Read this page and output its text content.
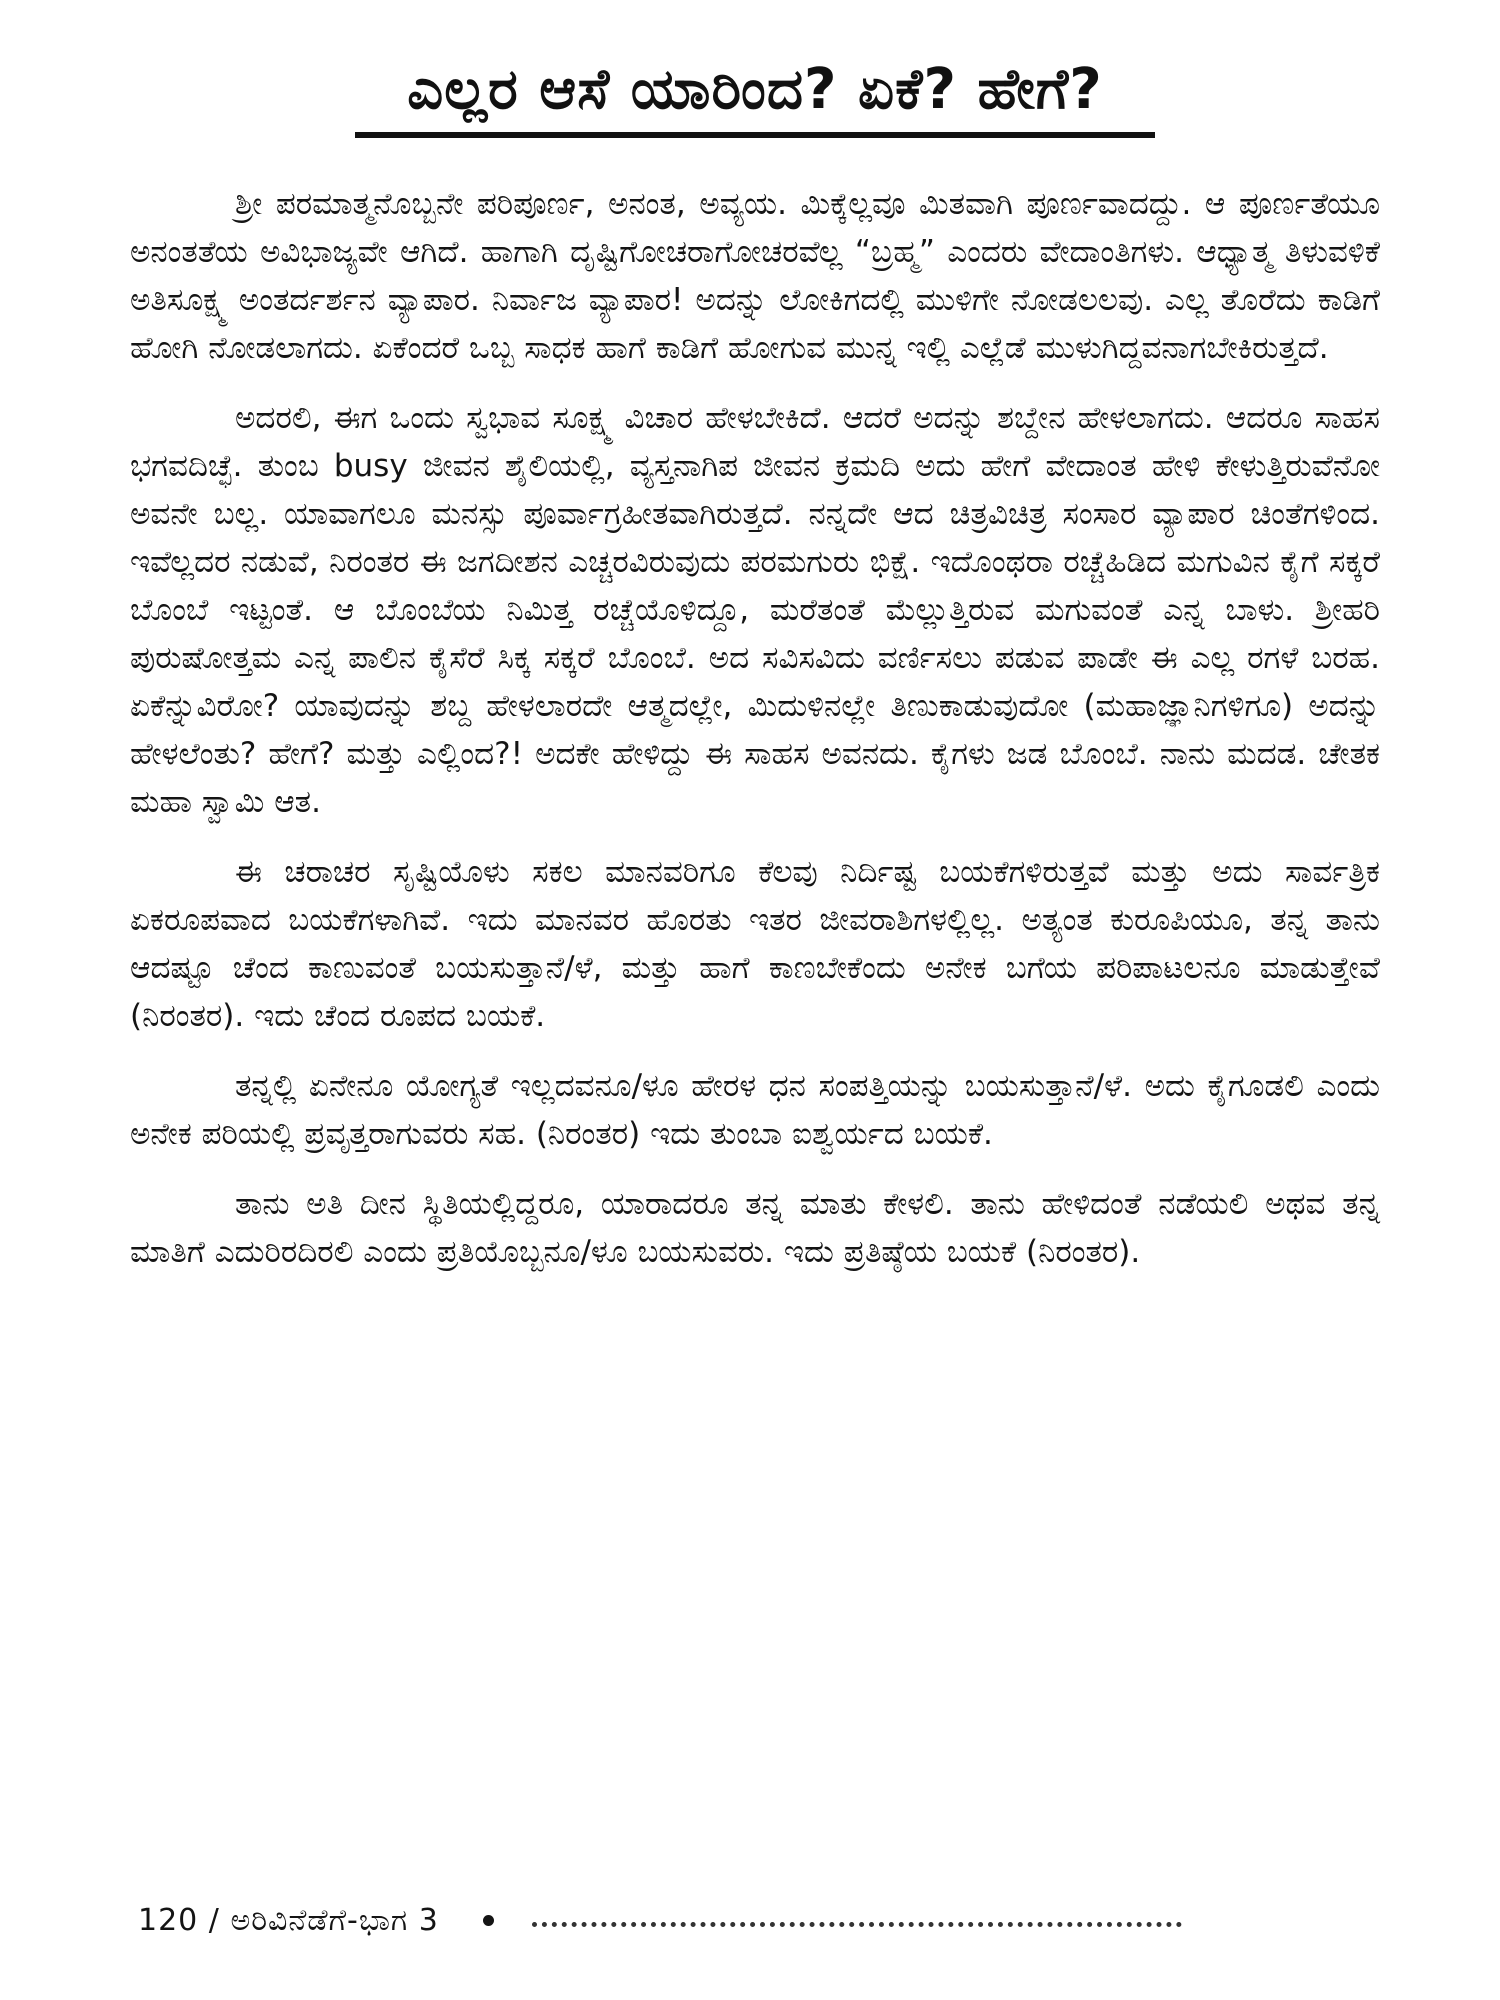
ಎಲ್ಲರ ಆಸೆ ಯಾರಿಂದ? ಏಕೆ? ಹೇಗೆ?

ಶ್ರೀ ಪರಮಾತ್ಮನೊಬ್ಬನೇ ಪರಿಪೂರ್ಣ, ಅನಂತ, ಅವ್ಯಯ. ಮಿಕ್ಕೆಲ್ಲವೂ ಮಿತವಾಗಿ ಪೂರ್ಣವಾದದ್ದು. ಆ ಪೂರ್ಣತೆಯೂ ಅನಂತತೆಯ ಅವಿಭಾಜ್ಯವೇ ಆಗಿದೆ. ಹಾಗಾಗಿ ದೃಷ್ಟಿಗೋಚರಾಗೋಚರವೆಲ್ಲ “ಬ್ರಹ್ಮ” ಎಂದರು ವೇದಾಂತಿಗಳು. ಆಧ್ಯಾತ್ಮ ತಿಳುವಳಿಕೆ ಅತಿಸೂಕ್ಷ್ಮ ಅಂತರ್ದರ್ಶನ ವ್ಯಾಪಾರ. ನಿರ್ವಾಜ ವ್ಯಾಪಾರ! ಅದನ್ನು ಲೋಕಿಗದಲ್ಲಿ ಮುಳಿಗೇ ನೋಡಲಲವು. ಎಲ್ಲ ತೊರೆದು ಕಾಡಿಗೆ ಹೋಗಿ ನೋಡಲಾಗದು. ಏಕೆಂದರೆ ಒಬ್ಬ ಸಾಧಕ ಹಾಗೆ ಕಾಡಿಗೆ ಹೋಗುವ ಮುನ್ನ ಇಲ್ಲಿ ಎಲ್ಲೆಡೆ ಮುಳುಗಿದ್ದವನಾಗಬೇಕಿರುತ್ತದೆ.

ಅದರಲಿ, ಈಗ ಒಂದು ಸ್ವಭಾವ ಸೂಕ್ಷ್ಮ ವಿಚಾರ ಹೇಳಬೇಕಿದೆ. ಆದರೆ ಅದನ್ನು ಶಬ್ದೇನ ಹೇಳಲಾಗದು. ಆದರೂ ಸಾಹಸ ಭಗವದಿಚ್ಛೆ. ತುಂಬ busy ಜೀವನ ಶೈಲಿಯಲ್ಲಿ, ವ್ಯಸ್ತನಾಗಿಪ ಜೀವನ ಕ್ರಮದಿ ಅದು ಹೇಗೆ ವೇದಾಂತ ಹೇಳಿ ಕೇಳುತ್ತಿರುವೆನೋ ಅವನೇ ಬಲ್ಲ. ಯಾವಾಗಲೂ ಮನಸ್ಸು ಪೂರ್ವಾಗ್ರಹೀತವಾಗಿರುತ್ತದೆ. ನನ್ನದೇ ಆದ ಚಿತ್ರವಿಚಿತ್ರ ಸಂಸಾರ ವ್ಯಾಪಾರ ಚಿಂತೆಗಳಿಂದ. ಇವೆಲ್ಲದರ ನಡುವೆ, ನಿರಂತರ ಈ ಜಗದೀಶನ ಎಚ್ಚರವಿರುವುದು ಪರಮಗುರು ಭಿಕ್ಷೆ. ಇದೊಂಥರಾ ರಚ್ಚೆಹಿಡಿದ ಮಗುವಿನ ಕೈಗೆ ಸಕ್ಕರೆ ಬೊಂಬೆ ಇಟ್ಟಂತೆ. ಆ ಬೊಂಬೆಯ ನಿಮಿತ್ತ ರಚ್ಚೆಯೊಳಿದ್ದೂ, ಮರೆತಂತೆ ಮೆಲ್ಲುತ್ತಿರುವ ಮಗುವಂತೆ ಎನ್ನ ಬಾಳು. ಶ್ರೀಹರಿ ಪುರುಷೋತ್ತಮ ಎನ್ನ ಪಾಲಿನ ಕೈಸೆರೆ ಸಿಕ್ಕ ಸಕ್ಕರೆ ಬೊಂಬೆ. ಅದ ಸವಿಸವಿದು ವರ್ಣಿಸಲು ಪಡುವ ಪಾಡೇ ಈ ಎಲ್ಲ ರಗಳೆ ಬರಹ. ಏಕೆನ್ನುವಿರೋ? ಯಾವುದನ್ನು ಶಬ್ದ ಹೇಳಲಾರದೇ ಆತ್ಮದಲ್ಲೇ, ಮಿದುಳಿನಲ್ಲೇ ತಿಣುಕಾಡುವುದೋ (ಮಹಾಜ್ಞಾನಿಗಳಿಗೂ) ಅದನ್ನು ಹೇಳಲೆಂತು? ಹೇಗೆ? ಮತ್ತು ಎಲ್ಲಿಂದ?! ಅದಕೇ ಹೇಳಿದ್ದು ಈ ಸಾಹಸ ಅವನದು. ಕೈಗಳು ಜಡ ಬೊಂಬೆ. ನಾನು ಮದಡ. ಚೇತಕ ಮಹಾ ಸ್ವಾಮಿ ಆತ.

ಈ ಚರಾಚರ ಸೃಷ್ಟಿಯೊಳು ಸಕಲ ಮಾನವರಿಗೂ ಕೆಲವು ನಿರ್ದಿಷ್ಟ ಬಯಕೆಗಳಿರುತ್ತವೆ ಮತ್ತು ಅದು ಸಾರ್ವತ್ರಿಕ ಏಕರೂಪವಾದ ಬಯಕೆಗಳಾಗಿವೆ. ಇದು ಮಾನವರ ಹೊರತು ಇತರ ಜೀವರಾಶಿಗಳಲ್ಲಿಲ್ಲ. ಅತ್ಯಂತ ಕುರೂಪಿಯೂ, ತನ್ನ ತಾನು ಆದಷ್ಟೂ ಚೆಂದ ಕಾಣುವಂತೆ ಬಯಸುತ್ತಾನೆ/ಳೆ, ಮತ್ತು ಹಾಗೆ ಕಾಣಬೇಕೆಂದು ಅನೇಕ ಬಗೆಯ ಪರಿಪಾಟಲನೂ ಮಾಡುತ್ತೇವೆ (ನಿರಂತರ). ಇದು ಚೆಂದ ರೂಪದ ಬಯಕೆ.

ತನ್ನಲ್ಲಿ ಏನೇನೂ ಯೋಗ್ಯತೆ ಇಲ್ಲದವನೂ/ಳೂ ಹೇರಳ ಧನ ಸಂಪತ್ತಿಯನ್ನು ಬಯಸುತ್ತಾನೆ/ಳೆ. ಅದು ಕೈಗೂಡಲಿ ಎಂದು ಅನೇಕ ಪರಿಯಲ್ಲಿ ಪ್ರವೃತ್ತರಾಗುವರು ಸಹ. (ನಿರಂತರ) ಇದು ತುಂಬಾ ಐಶ್ವರ್ಯದ ಬಯಕೆ.

ತಾನು ಅತಿ ದೀನ ಸ್ಥಿತಿಯಲ್ಲಿದ್ದರೂ, ಯಾರಾದರೂ ತನ್ನ ಮಾತು ಕೇಳಲಿ. ತಾನು ಹೇಳಿದಂತೆ ನಡೆಯಲಿ ಅಥವ ತನ್ನ ಮಾತಿಗೆ ಎದುರಿರದಿರಲಿ ಎಂದು ಪ್ರತಿಯೊಬ್ಬನೂ/ಳೂ ಬಯಸುವರು. ಇದು ಪ್ರತಿಷ್ಠೆಯ ಬಯಕೆ (ನಿರಂತರ).

120 / ಅರಿವಿನೆಡೆಗೆ-ಭಾಗ 3
